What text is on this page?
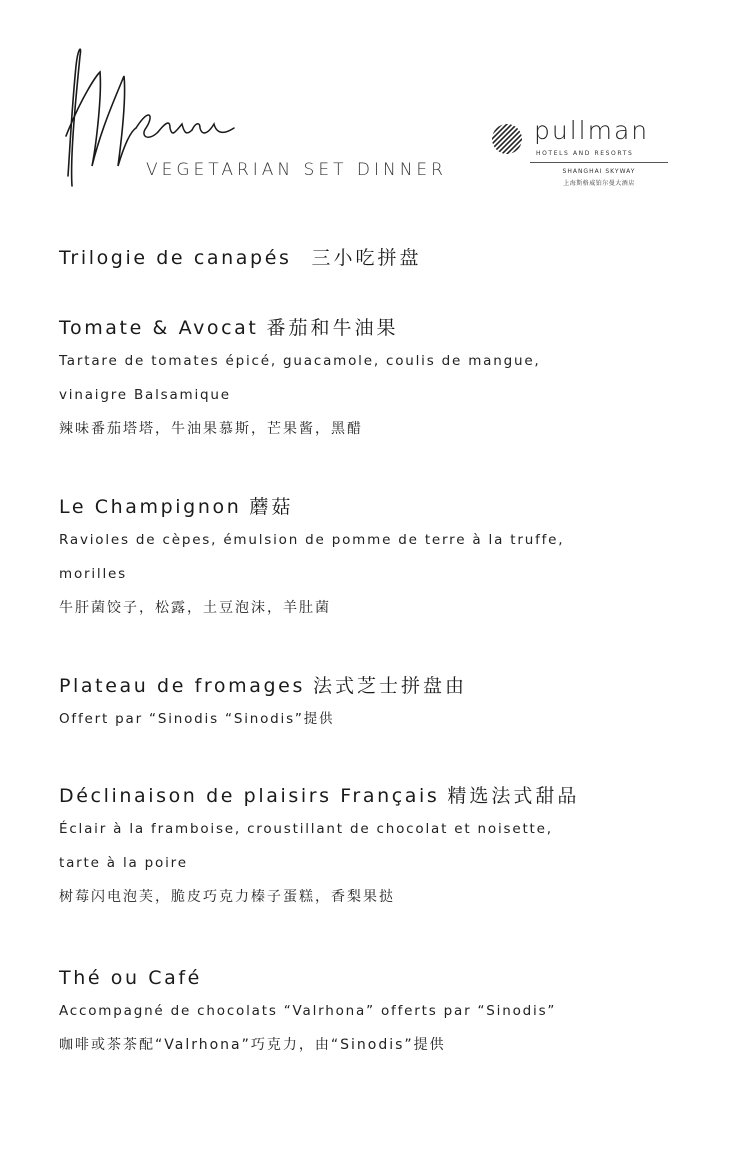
VEGETARIAN SET DINNER
pullman
HOTELS AND RESORTS
SHANGHAI SKYWAY
上海斯格威铂尔曼大酒店
Trilogie de canapés 三小吃拼盘
Tomate & Avocat 番茄和牛油果
Tartare de tomates épicé, guacamole, coulis de mangue,
vinaigre Balsamique
辣味番茄塔塔，牛油果慕斯，芒果酱，黑醋
Le Champignon 蘑菇
Ravioles de cèpes, émulsion de pomme de terre à la truffe,
morilles
牛肝菌饺子，松露，土豆泡沫，羊肚菌
Plateau de fromages 法式芝士拼盘由
Offert par “Sinodis “Sinodis”提供
Déclinaison de plaisirs Français 精选法式甜品
Éclair à la framboise, croustillant de chocolat et noisette,
tarte à la poire
树莓闪电泡芙，脆皮巧克力榛子蛋糕，香梨果挞
Thé ou Café
Accompagné de chocolats “Valrhona” offerts par “Sinodis”
咖啡或茶茶配“Valrhona”巧克力，由“Sinodis”提供
